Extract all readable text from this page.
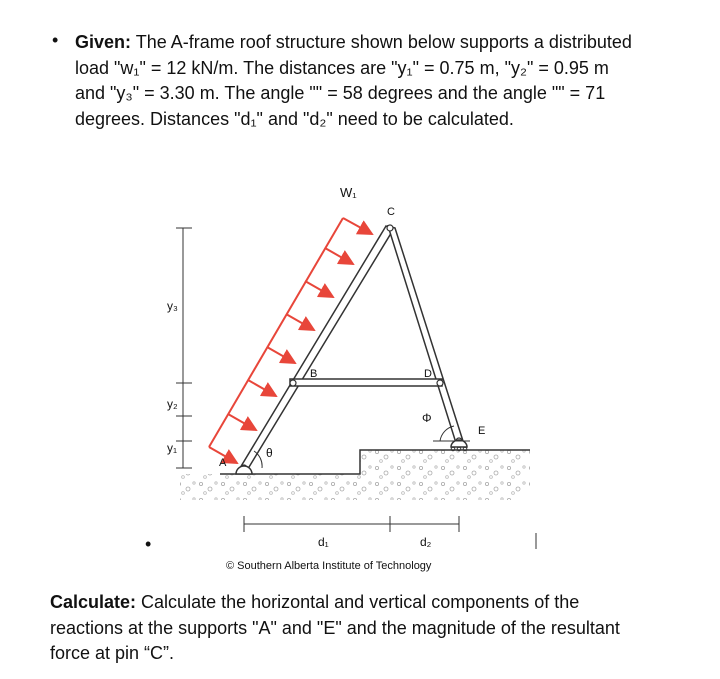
• Given: The A-frame roof structure shown below supports a distributed load "w₁" = 12 kN/m. The distances are "y₁" = 0.75 m, "y₂" = 0.95 m and "y₃" = 3.30 m. The angle "" = 58 degrees and the angle "" = 71 degrees. Distances "d₁" and "d₂" need to be calculated.
•
W₁
C
B	D
A
E
θ
Φ
y₃
y₂
y₁
d₁	d₂
© Southern Alberta Institute of Technology
Calculate: Calculate the horizontal and vertical components of the reactions at the supports "A" and "E" and the magnitude of the resultant force at pin “C”.
